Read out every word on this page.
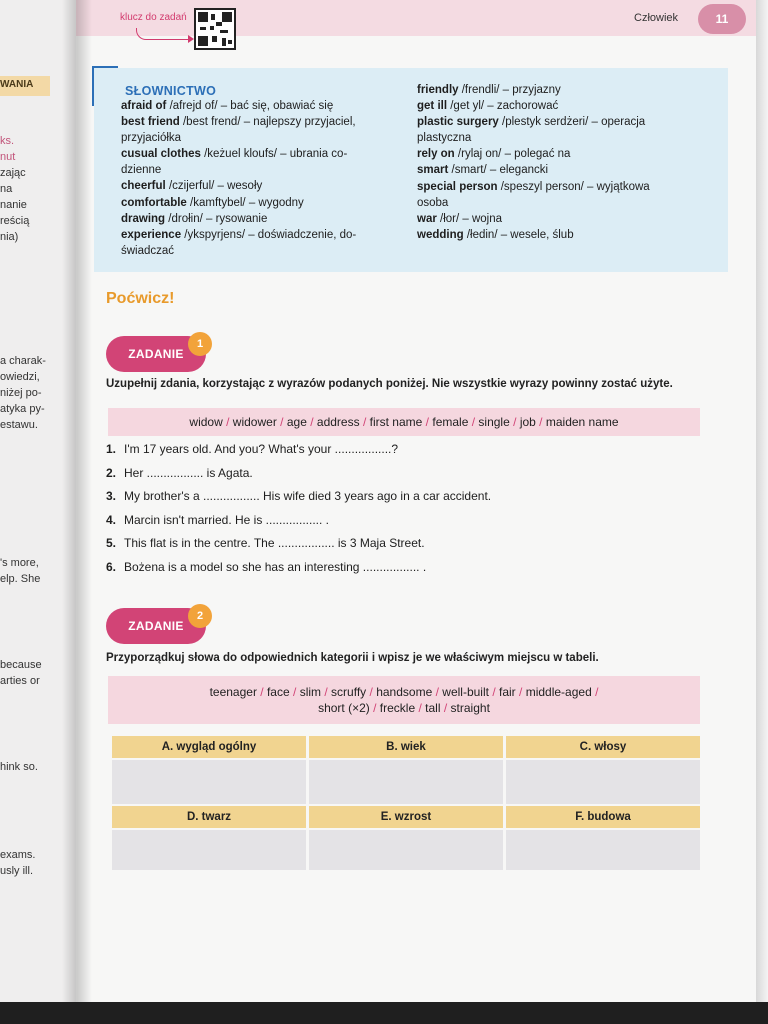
WANIA
ks.
nut
zając
na
nanie
reścią
nia)
a charak-
owiedzi,
niżej po-
atyka py-
estawu.
's more,
elp. She
because
arties or
hink so.
exams.
usly ill.
klucz do zadań	Człowiek	11
SŁOWNICTWO
afraid of /afrejd of/ – bać się, obawiać się
best friend /best frend/ – najlepszy przyjaciel, przyjaciółka
cusual clothes /keżuel kloufs/ – ubrania co-dzienne
cheerful /czijerful/ – wesoły
comfortable /kamftybel/ – wygodny
drawing /drołin/ – rysowanie
experience /ykspyrjens/ – doświadczenie, do-świadczać
friendly /frendli/ – przyjazny
get ill /get yl/ – zachorować
plastic surgery /plestyk serdżeri/ – operacja plastyczna
rely on /rylaj on/ – polegać na
smart /smart/ – elegancki
special person /speszyl person/ – wyjątkowa osoba
war /łor/ – wojna
wedding /łedin/ – wesele, ślub
Poćwicz!
ZADANIE
1
Uzupełnij zdania, korzystając z wyrazów podanych poniżej. Nie wszystkie wyrazy powinny zostać użyte.
widow / widower / age / address / first name / female / single / job / maiden name
1. I'm 17 years old. And you? What's your .................?
2. Her ................. is Agata.
3. My brother's a ................. His wife died 3 years ago in a car accident.
4. Marcin isn't married. He is ................. .
5. This flat is in the centre. The ................. is 3 Maja Street.
6. Bożena is a model so she has an interesting ................. .
ZADANIE
2
Przyporządkuj słowa do odpowiednich kategorii i wpisz je we właściwym miejscu w tabeli.
teenager / face / slim / scruffy / handsome / well-built / fair / middle-aged /
short (×2) / freckle / tall / straight
A. wygląd ogólny	B. wiek	C. włosy
D. twarz	E. wzrost	F. budowa
